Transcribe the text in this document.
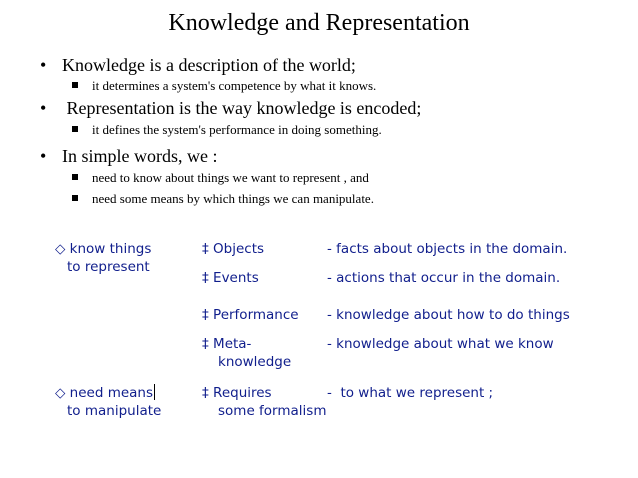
Knowledge and Representation
• Knowledge is a description of the world;
it determines a system's competence by what it knows.
• Representation is the way knowledge is encoded;
it defines the system's performance in doing something.
• In simple words, we :
need to know about things we want to represent , and
need some means by which things we can manipulate.
◇ know things
to represent
◇ need means
to manipulate
‡ Objects
‡ Events
‡ Performance
‡ Meta-
knowledge
‡ Requires
some formalism
- facts about objects in the domain.
- actions that occur in the domain.
- knowledge about how to do things
- knowledge about what we know
-  to what we represent ;
